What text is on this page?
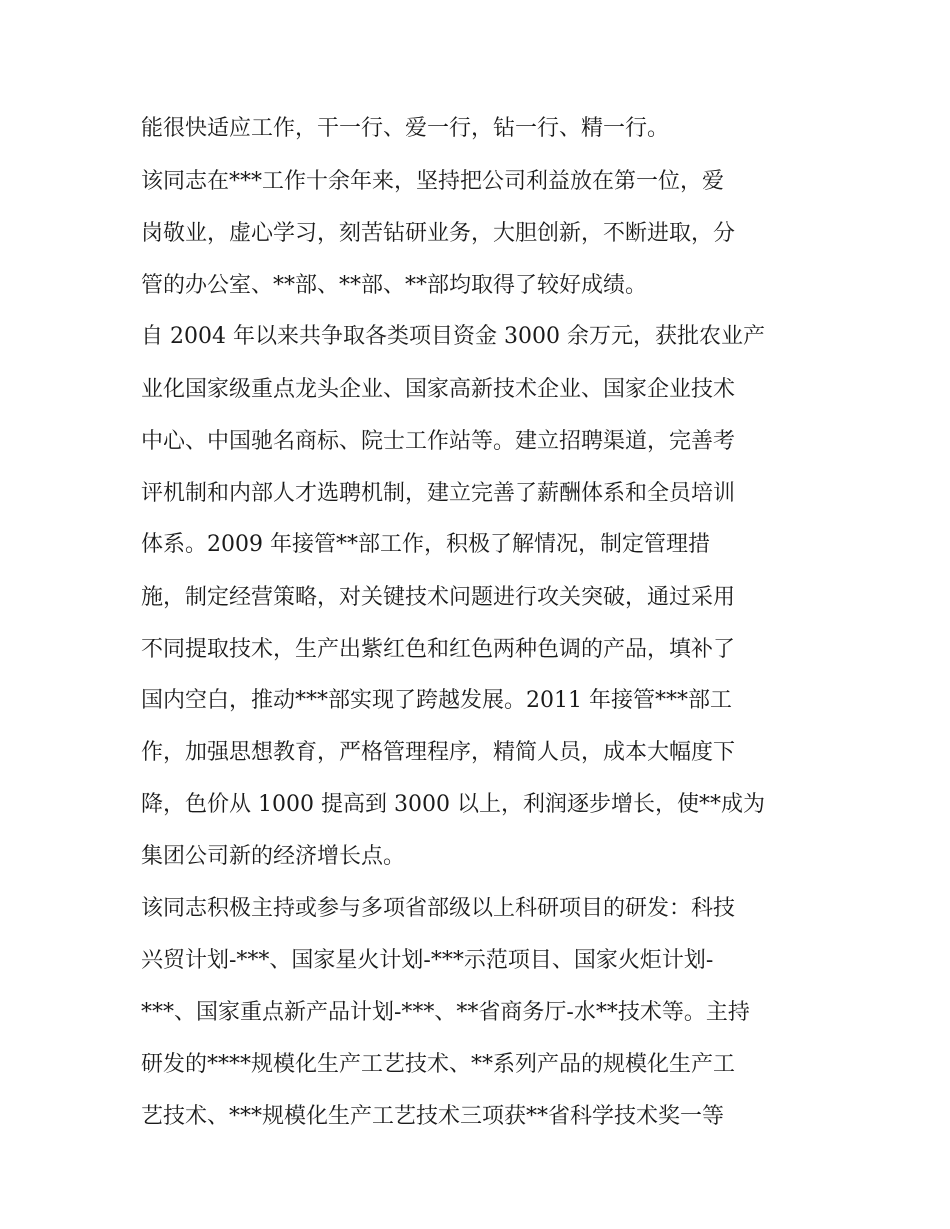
能很快适应工作，干一行、爱一行，钻一行、精一行。
该同志在***工作十余年来，坚持把公司利益放在第一位，爱
岗敬业，虚心学习，刻苦钻研业务，大胆创新，不断进取，分
管的办公室、**部、**部、**部均取得了较好成绩。
自 2004 年以来共争取各类项目资金 3000 余万元，获批农业产
业化国家级重点龙头企业、国家高新技术企业、国家企业技术
中心、中国驰名商标、院士工作站等。建立招聘渠道，完善考
评机制和内部人才选聘机制，建立完善了薪酬体系和全员培训
体系。2009 年接管**部工作，积极了解情况，制定管理措
施，制定经营策略，对关键技术问题进行攻关突破，通过采用
不同提取技术，生产出紫红色和红色两种色调的产品，填补了
国内空白，推动***部实现了跨越发展。2011 年接管***部工
作，加强思想教育，严格管理程序，精简人员，成本大幅度下
降，色价从 1000 提高到 3000 以上，利润逐步增长，使**成为
集团公司新的经济增长点。
该同志积极主持或参与多项省部级以上科研项目的研发：科技
兴贸计划-***、国家星火计划-***示范项目、国家火炬计划-
***、国家重点新产品计划-***、**省商务厅-水**技术等。主持
研发的****规模化生产工艺技术、**系列产品的规模化生产工
艺技术、***规模化生产工艺技术三项获**省科学技术奖一等
